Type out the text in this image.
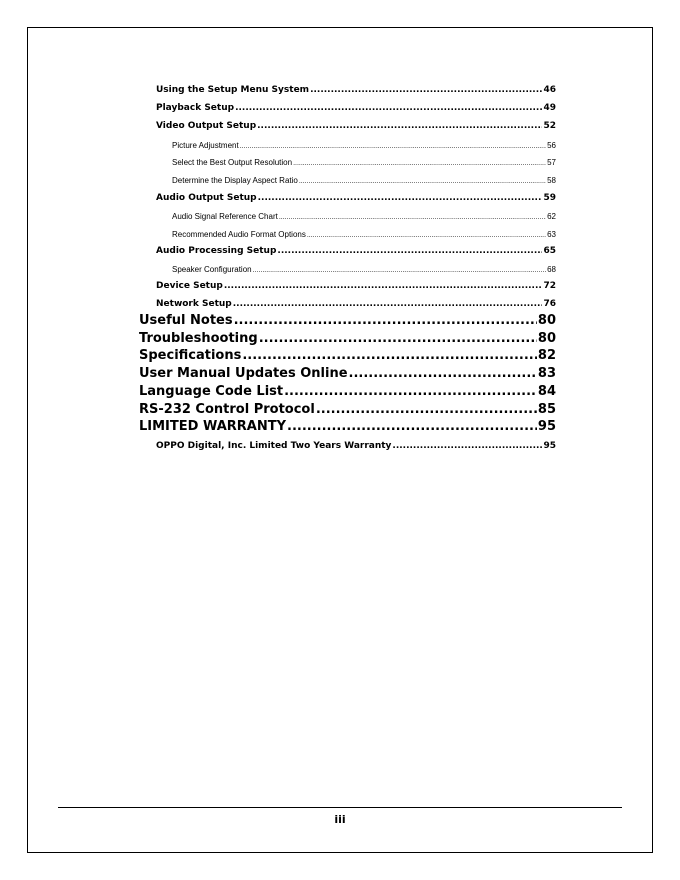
Using the Setup Menu System .....	46
Playback Setup .....	49
Video Output Setup .....	52
Picture Adjustment .....	56
Select the Best Output Resolution .....	57
Determine the Display Aspect Ratio .....	58
Audio Output Setup .....	59
Audio Signal Reference Chart .....	62
Recommended Audio Format Options .....	63
Audio Processing Setup .....	65
Speaker Configuration .....	68
Device Setup .....	72
Network Setup .....	76
Useful Notes .....	80
Troubleshooting .....	80
Specifications .....	82
User Manual Updates Online .....	83
Language Code List .....	84
RS-232 Control Protocol .....	85
LIMITED WARRANTY .....	95
OPPO Digital, Inc. Limited Two Years Warranty .....	95
iii
